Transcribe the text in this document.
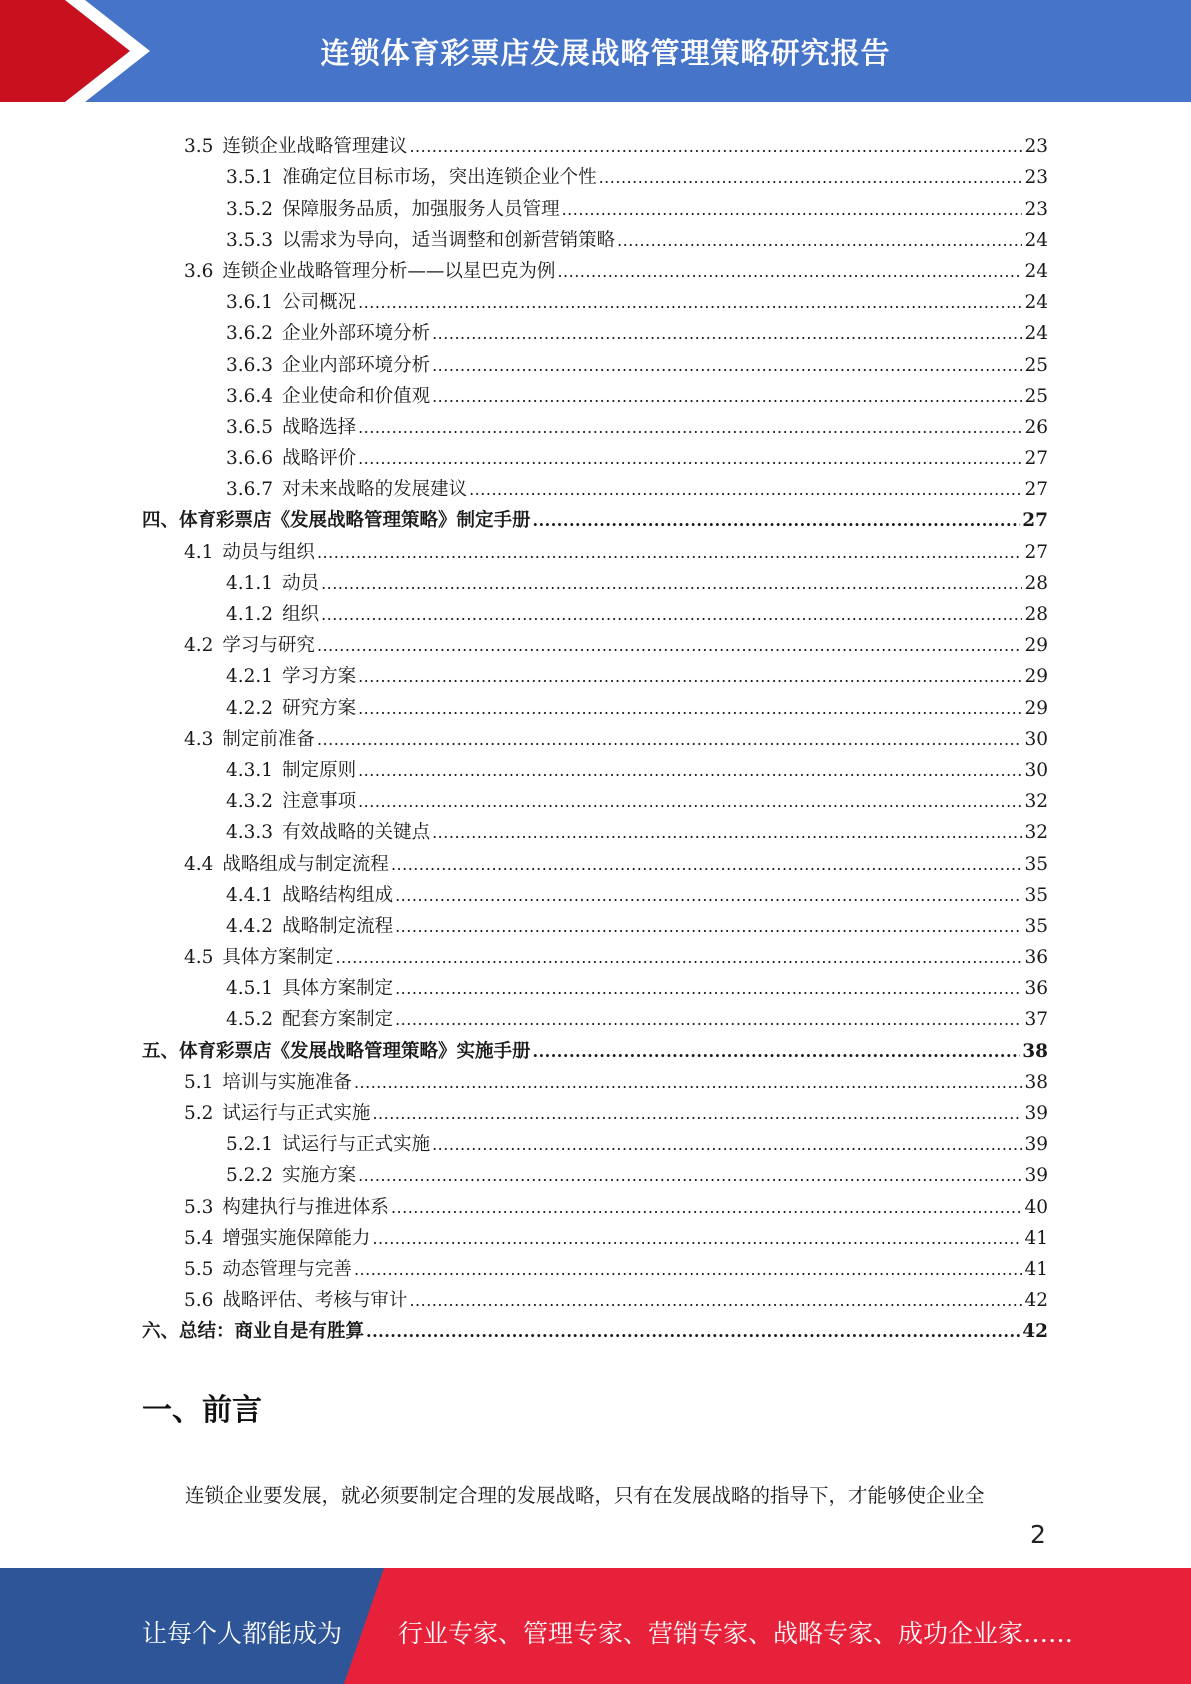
连锁体育彩票店发展战略管理策略研究报告
3.5 连锁企业战略管理建议 .....	23
3.5.1 准确定位目标市场，突出连锁企业个性 .....	23
3.5.2 保障服务品质，加强服务人员管理 .....	23
3.5.3 以需求为导向，适当调整和创新营销策略 .....	24
3.6 连锁企业战略管理分析——以星巴克为例 .....	24
3.6.1 公司概况 .....	24
3.6.2 企业外部环境分析 .....	24
3.6.3 企业内部环境分析 .....	25
3.6.4 企业使命和价值观 .....	25
3.6.5 战略选择 .....	26
3.6.6 战略评价 .....	27
3.6.7 对未来战略的发展建议 .....	27
四、体育彩票店《发展战略管理策略》制定手册 .....	27
4.1 动员与组织 .....	27
4.1.1 动员 .....	28
4.1.2 组织 .....	28
4.2 学习与研究 .....	29
4.2.1 学习方案 .....	29
4.2.2 研究方案 .....	29
4.3 制定前准备 .....	30
4.3.1 制定原则 .....	30
4.3.2 注意事项 .....	32
4.3.3 有效战略的关键点 .....	32
4.4 战略组成与制定流程 .....	35
4.4.1 战略结构组成 .....	35
4.4.2 战略制定流程 .....	35
4.5 具体方案制定 .....	36
4.5.1 具体方案制定 .....	36
4.5.2 配套方案制定 .....	37
五、体育彩票店《发展战略管理策略》实施手册 .....	38
5.1 培训与实施准备 .....	38
5.2 试运行与正式实施 .....	39
5.2.1 试运行与正式实施 .....	39
5.2.2 实施方案 .....	39
5.3 构建执行与推进体系 .....	40
5.4 增强实施保障能力 .....	41
5.5 动态管理与完善 .....	41
5.6 战略评估、考核与审计 .....	42
六、总结：商业自是有胜算 .....	42
一、前言
连锁企业要发展，就必须要制定合理的发展战略，只有在发展战略的指导下，才能够使企业全
2
让每个人都能成为 行业专家、管理专家、营销专家、战略专家、成功企业家……
